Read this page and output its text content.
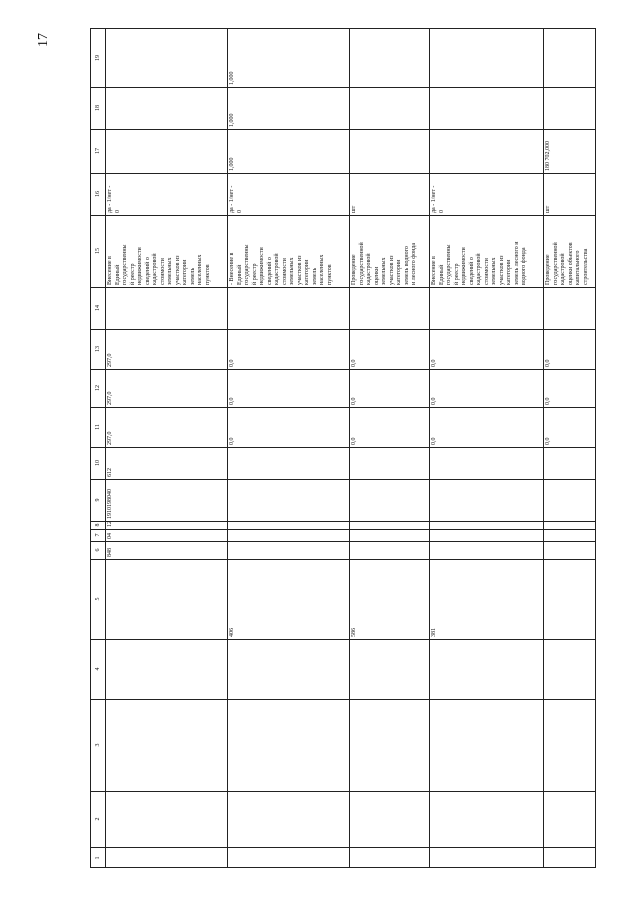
17
1
2
3
4
5
6
7
8
9
10
11
12
13
14
15
16
17
18
19
848
04
12
1910198040
612
297,0
297,0
297,0
Внесение в
Единый
государственны
й реестр
недвижимости
сведений о
кадастровой
стоимости
земельных
участков из
категории
земель
населенных
пунктов
да - 1/нет -
0
406
0,0
0,0
0,0
- Внесение в
Единый
государственны
й реестр
недвижимости
сведений о
кадастровой
стоимости
земельных
участков из
категории
земель
населенных
пунктов
да - 1/нет -
0
1,000
1,000
1,000
586
0,0
0,0
0,0
Проведение
государственной
кадастровой
оценки
земельных
участков из
категории
земель водного
и лесного фонда
шт
381
0,0
0,0
0,0
Внесение в
Единый
государственны
й реестр
недвижимости
сведений о
кадастровой
стоимости
земельных
участков из
категории
земель лесного и
водного фонда
да - 1/нет -
0
0,0
0,0
0,0
Проведение
государственной
кадастровой
оценки объектов
капитального
строительства
шт
180 702,000
